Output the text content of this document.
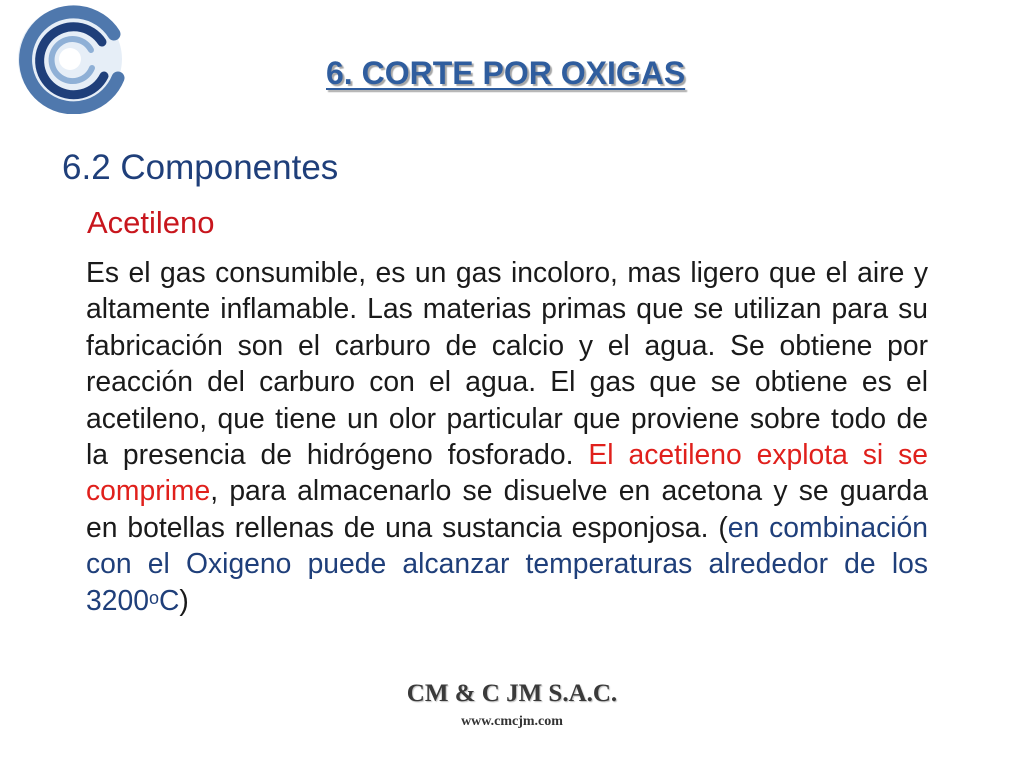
6. CORTE POR OXIGAS
6.2 Componentes
Acetileno

Es el gas consumible, es un gas incoloro, mas ligero que el aire y altamente inflamable. Las materias primas que se utilizan para su fabricación son el carburo de calcio y el agua. Se obtiene por reacción del carburo con el agua. El gas que se obtiene es el acetileno, que tiene un olor particular que proviene sobre todo de la presencia de hidrógeno fosforado. El acetileno explota si se comprime, para almacenarlo se disuelve en acetona y se guarda en botellas rellenas de una sustancia esponjosa. (en combinación con el Oxigeno puede alcanzar temperaturas alrededor de los 3200$^o$C)

CM & C JM S.A.C.
www.cmcjm.com
